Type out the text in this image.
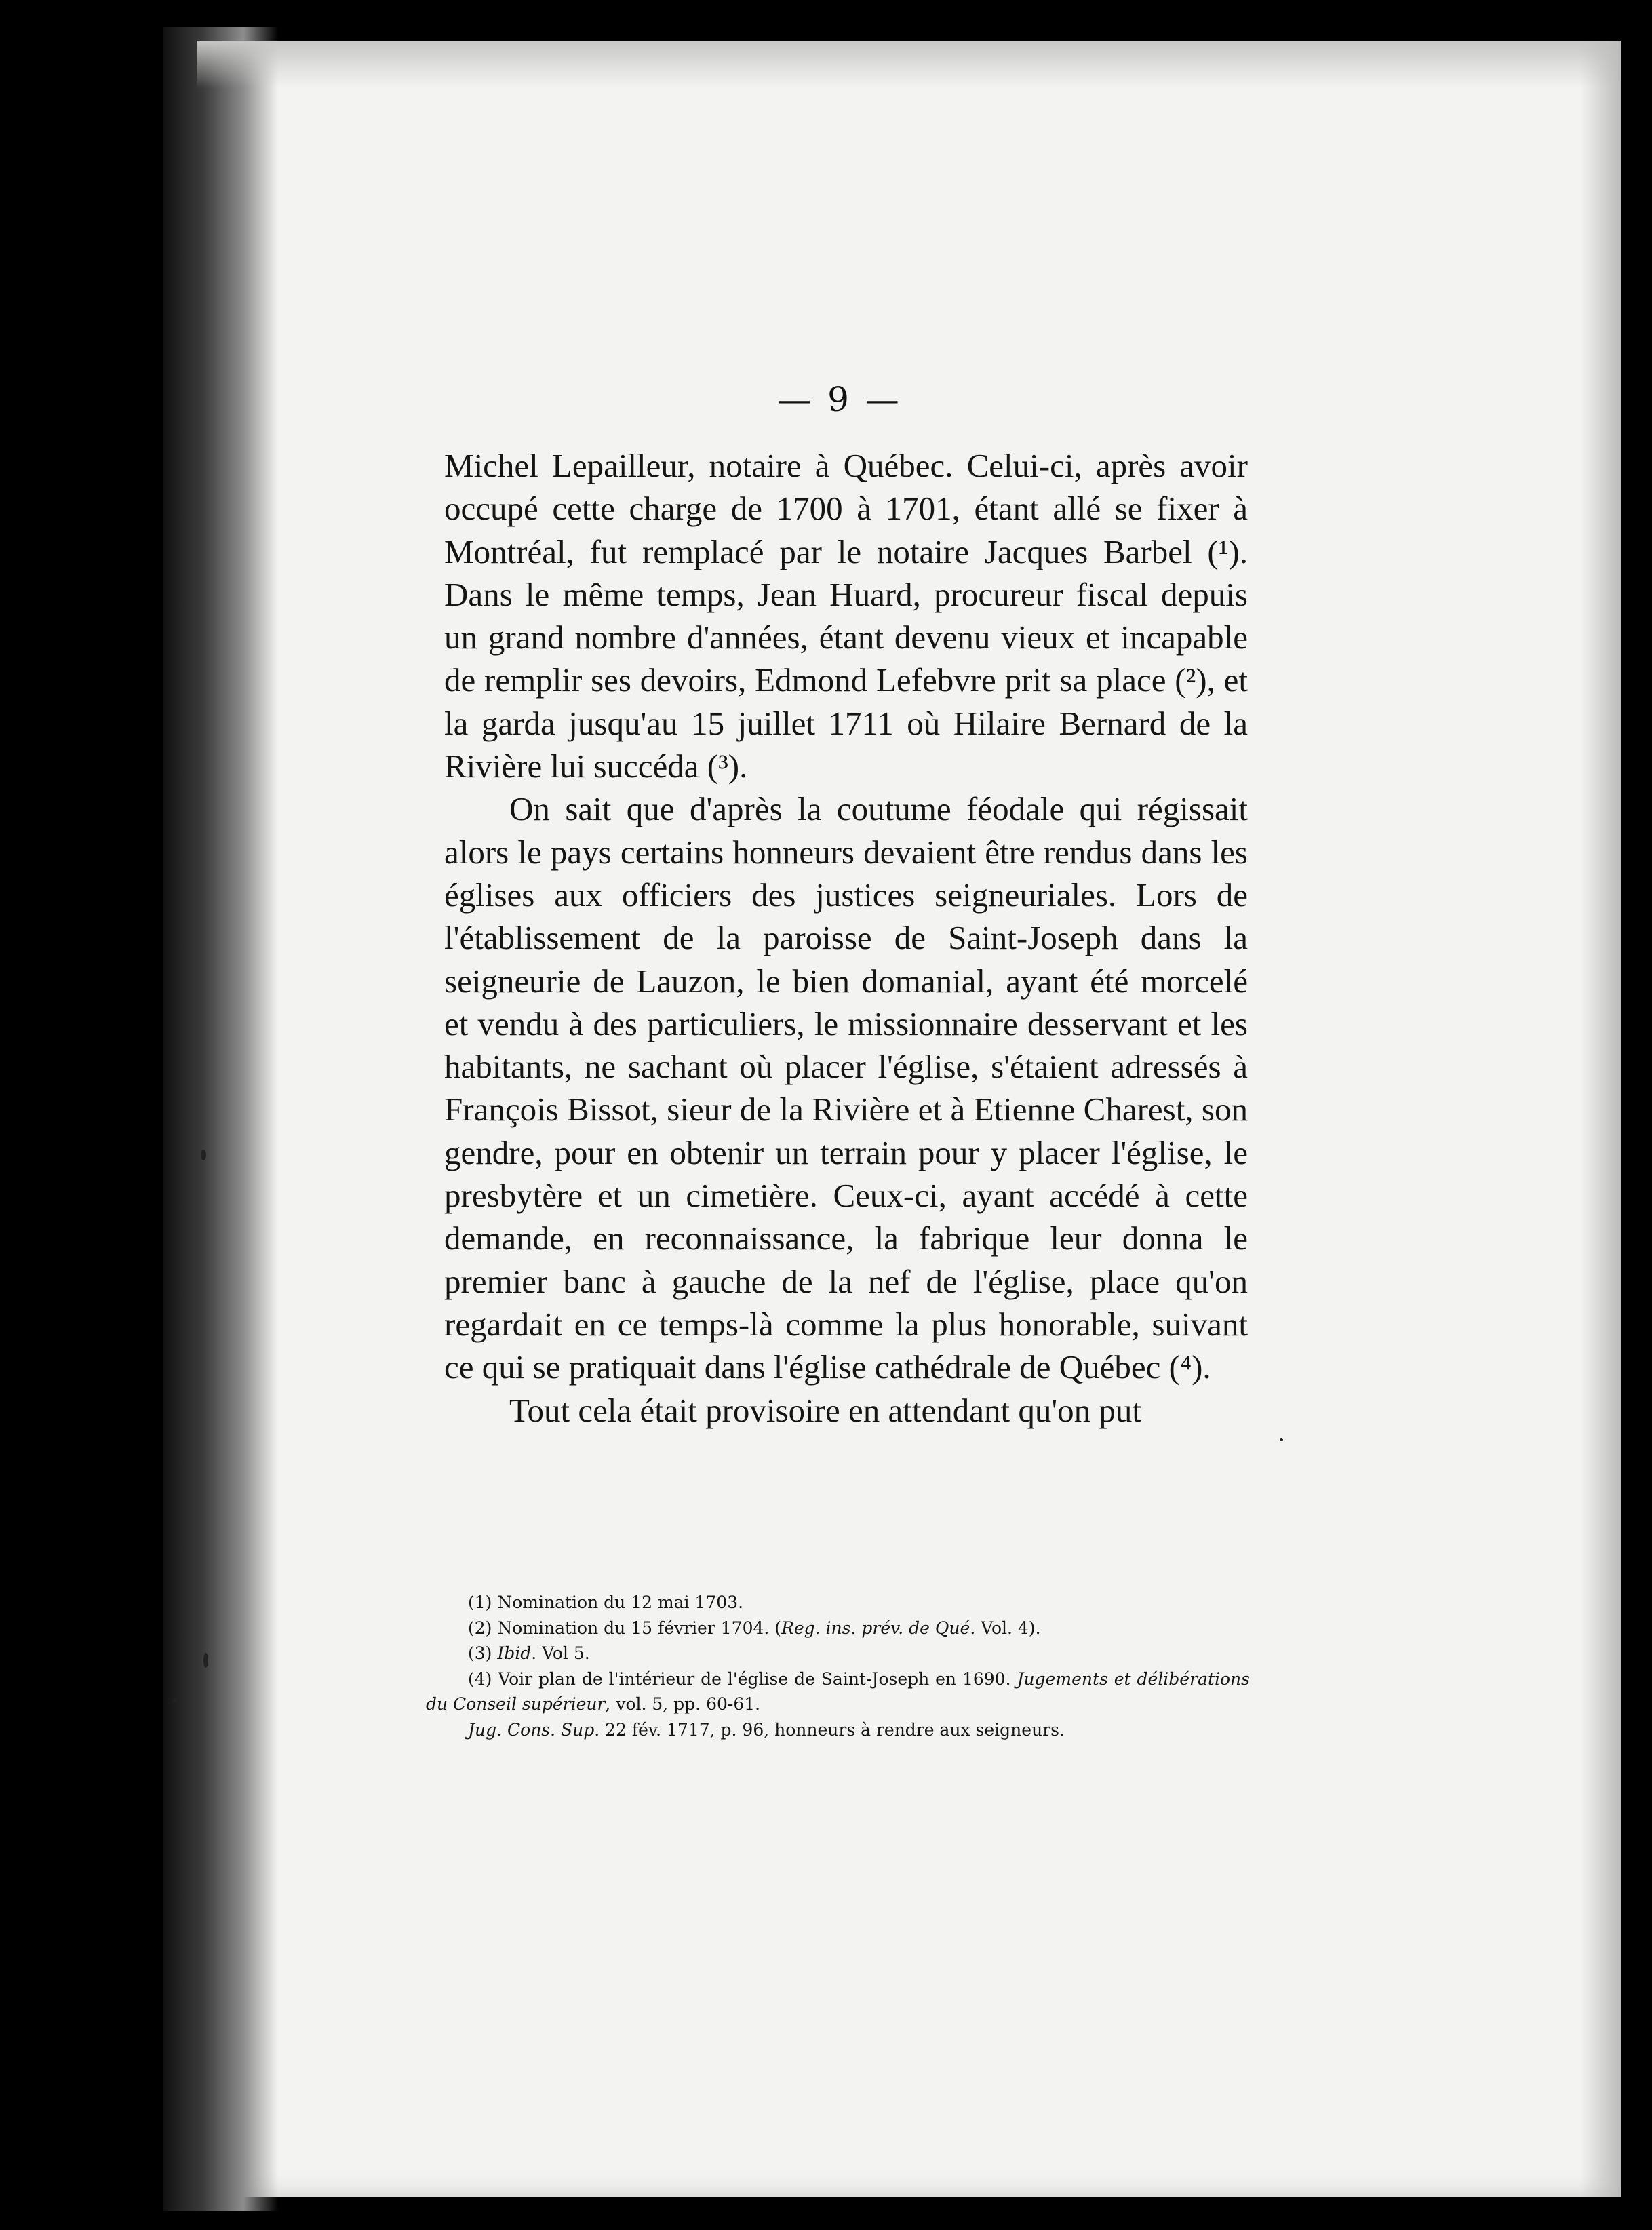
— 9 —

Michel Lepailleur, notaire à Québec. Celui-ci, après avoir occupé cette charge de 1700 à 1701, étant allé se fixer à Montréal, fut remplacé par le notaire Jacques Barbel (¹). Dans le même temps, Jean Huard, procureur fiscal depuis un grand nombre d'années, étant devenu vieux et incapable de remplir ses devoirs, Edmond Lefebvre prit sa place (²), et la garda jusqu'au 15 juillet 1711 où Hilaire Bernard de la Rivière lui succéda (³).

On sait que d'après la coutume féodale qui régissait alors le pays certains honneurs devaient être rendus dans les églises aux officiers des justices seigneuriales. Lors de l'établissement de la paroisse de Saint-Joseph dans la seigneurie de Lauzon, le bien domanial, ayant été morcelé et vendu à des particuliers, le missionnaire desservant et les habitants, ne sachant où placer l'église, s'étaient adressés à François Bissot, sieur de la Rivière et à Etienne Charest, son gendre, pour en obtenir un terrain pour y placer l'église, le presbytère et un cimetière. Ceux-ci, ayant accédé à cette demande, en reconnaissance, la fabrique leur donna le premier banc à gauche de la nef de l'église, place qu'on regardait en ce temps-là comme la plus honorable, suivant ce qui se pratiquait dans l'église cathédrale de Québec (⁴).

Tout cela était provisoire en attendant qu'on put

(1) Nomination du 12 mai 1703.

(2) Nomination du 15 février 1704. (Reg. ins. prév. de Qué. Vol. 4).

(3) Ibid. Vol 5.

(4) Voir plan de l'intérieur de l'église de Saint-Joseph en 1690. Jugements et délibérations du Conseil supérieur, vol. 5, pp. 60-61.

Jug. Cons. Sup. 22 fév. 1717, p. 96, honneurs à rendre aux seigneurs.
